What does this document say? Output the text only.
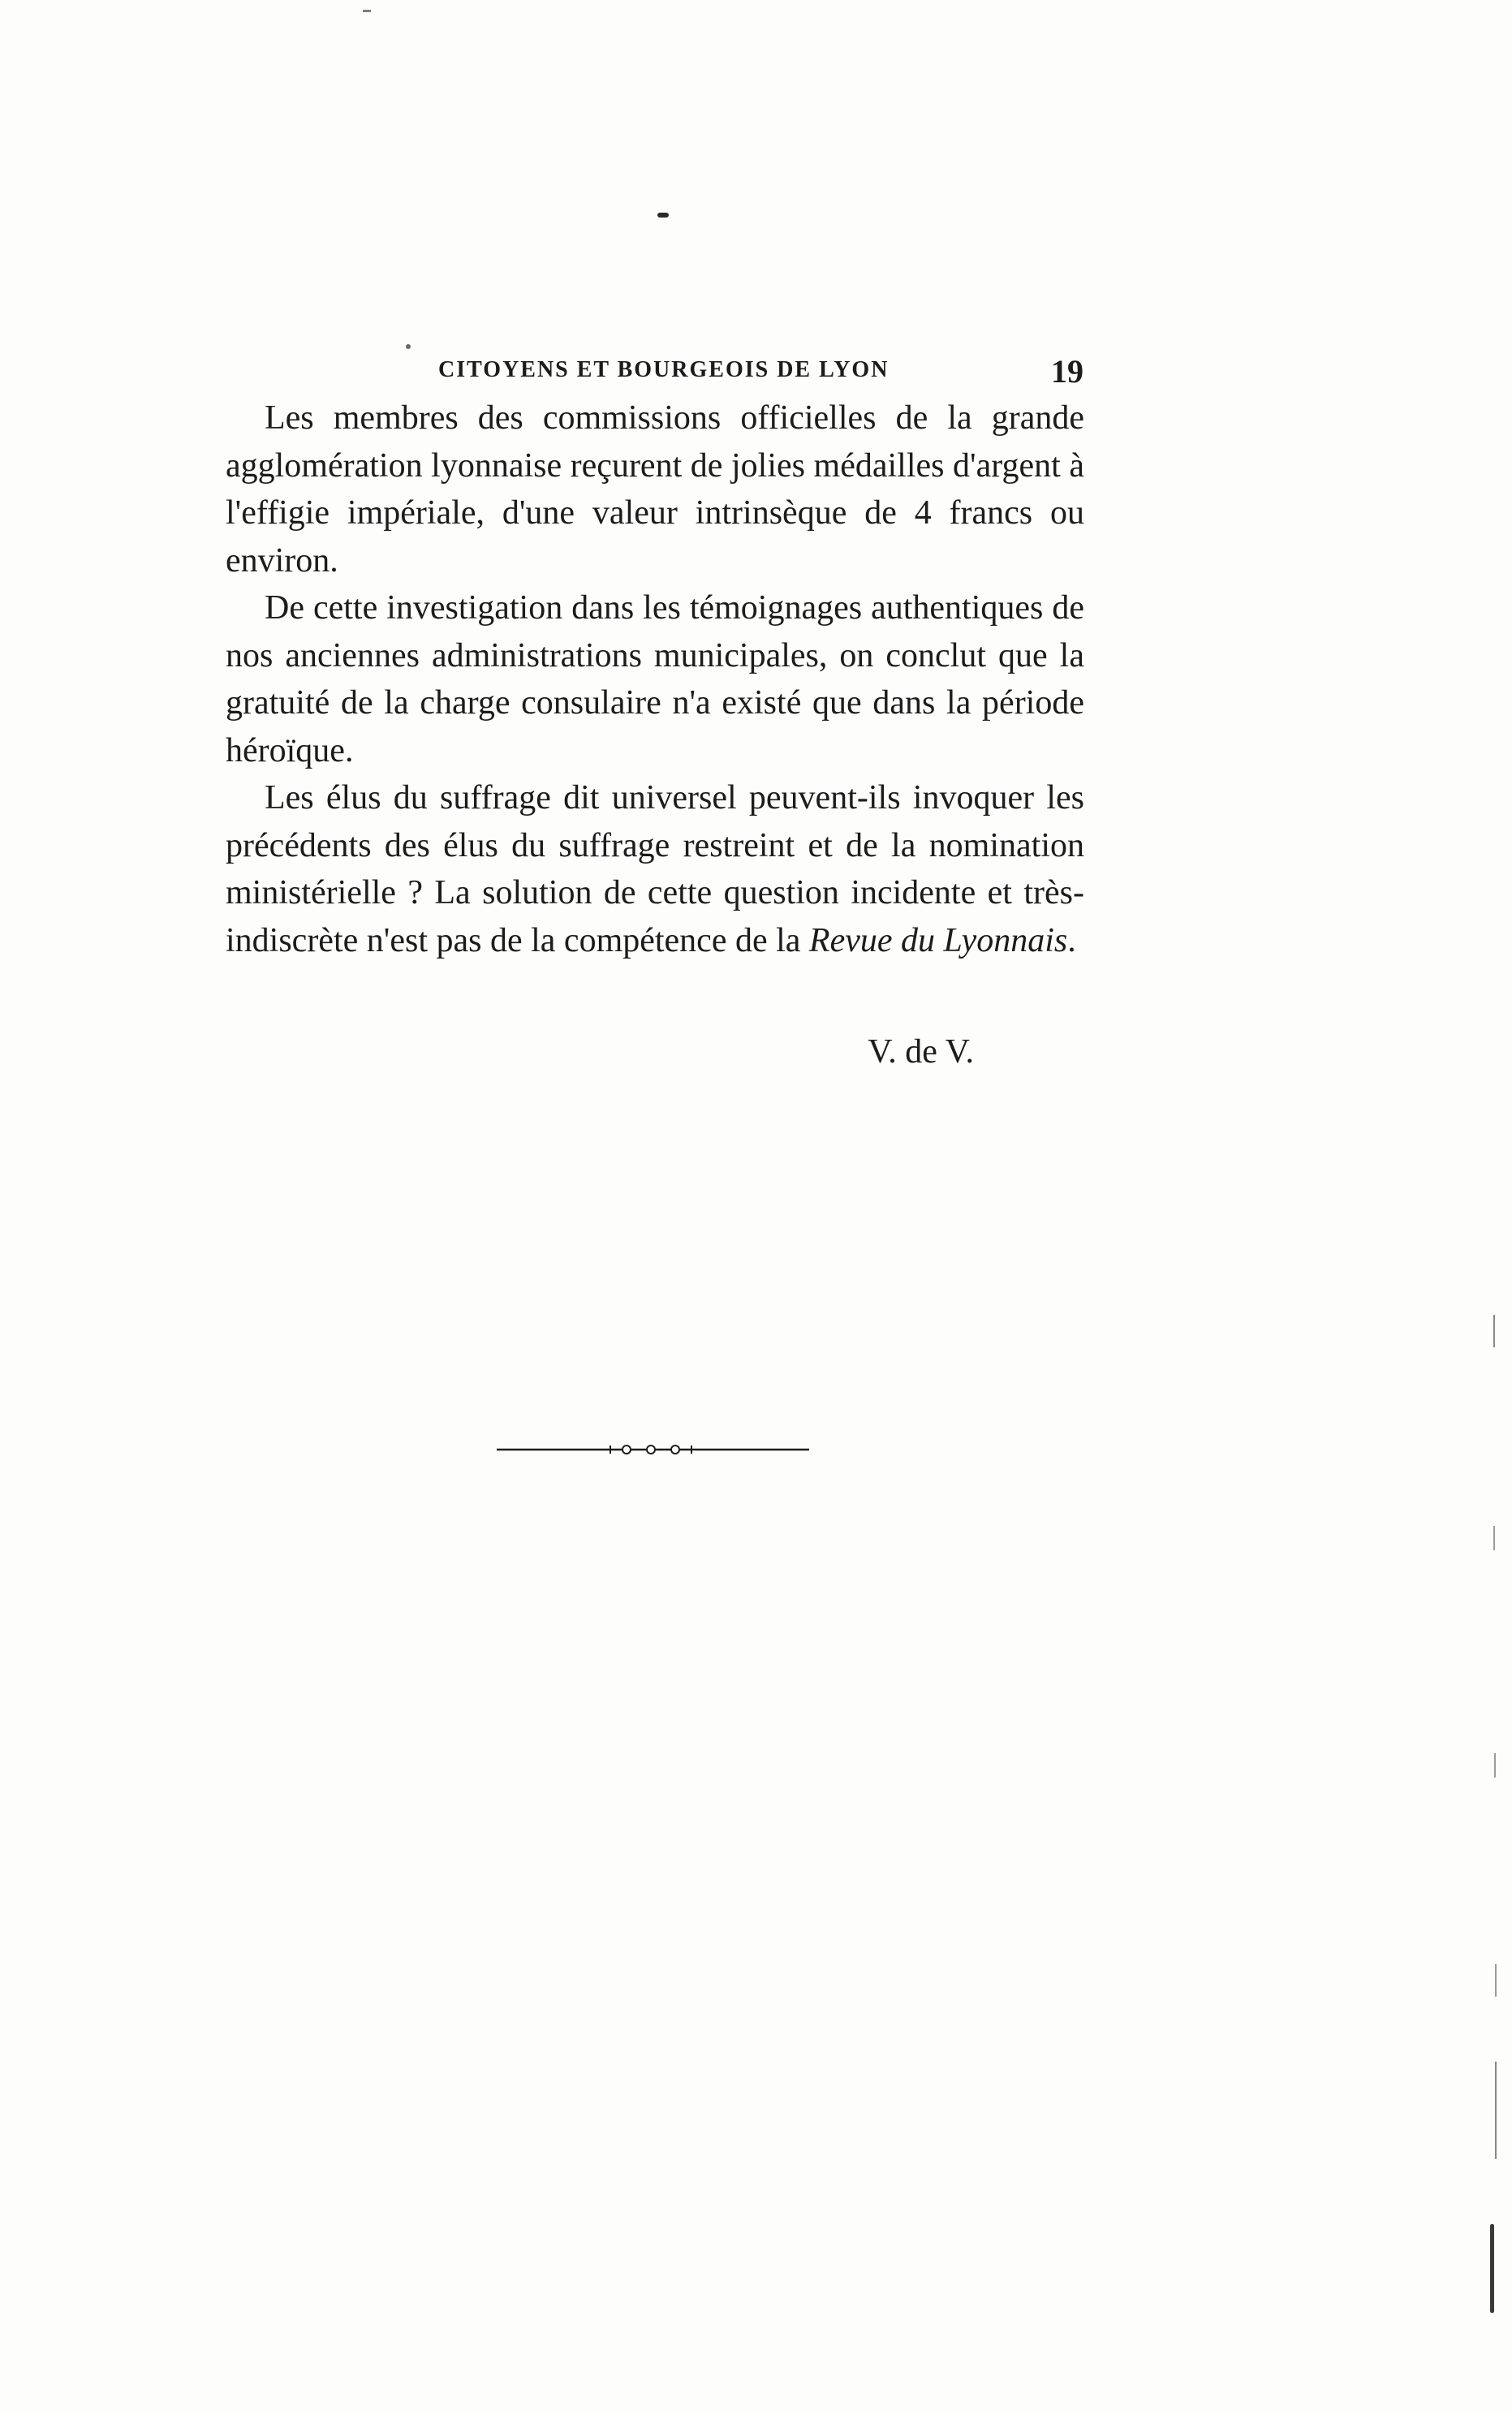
CITOYENS ET BOURGEOIS DE LYON	19

Les membres des commissions officielles de la grande agglomération lyonnaise reçurent de jolies médailles d'argent à l'effigie impériale, d'une valeur intrinsèque de 4 francs ou environ.

De cette investigation dans les témoignages authentiques de nos anciennes administrations municipales, on conclut que la gratuité de la charge consulaire n'a existé que dans la période héroïque.

Les élus du suffrage dit universel peuvent-ils invoquer les précédents des élus du suffrage restreint et de la nomination ministérielle ? La solution de cette question incidente et très-indiscrète n'est pas de la compétence de la Revue du Lyonnais.

V. de V.
